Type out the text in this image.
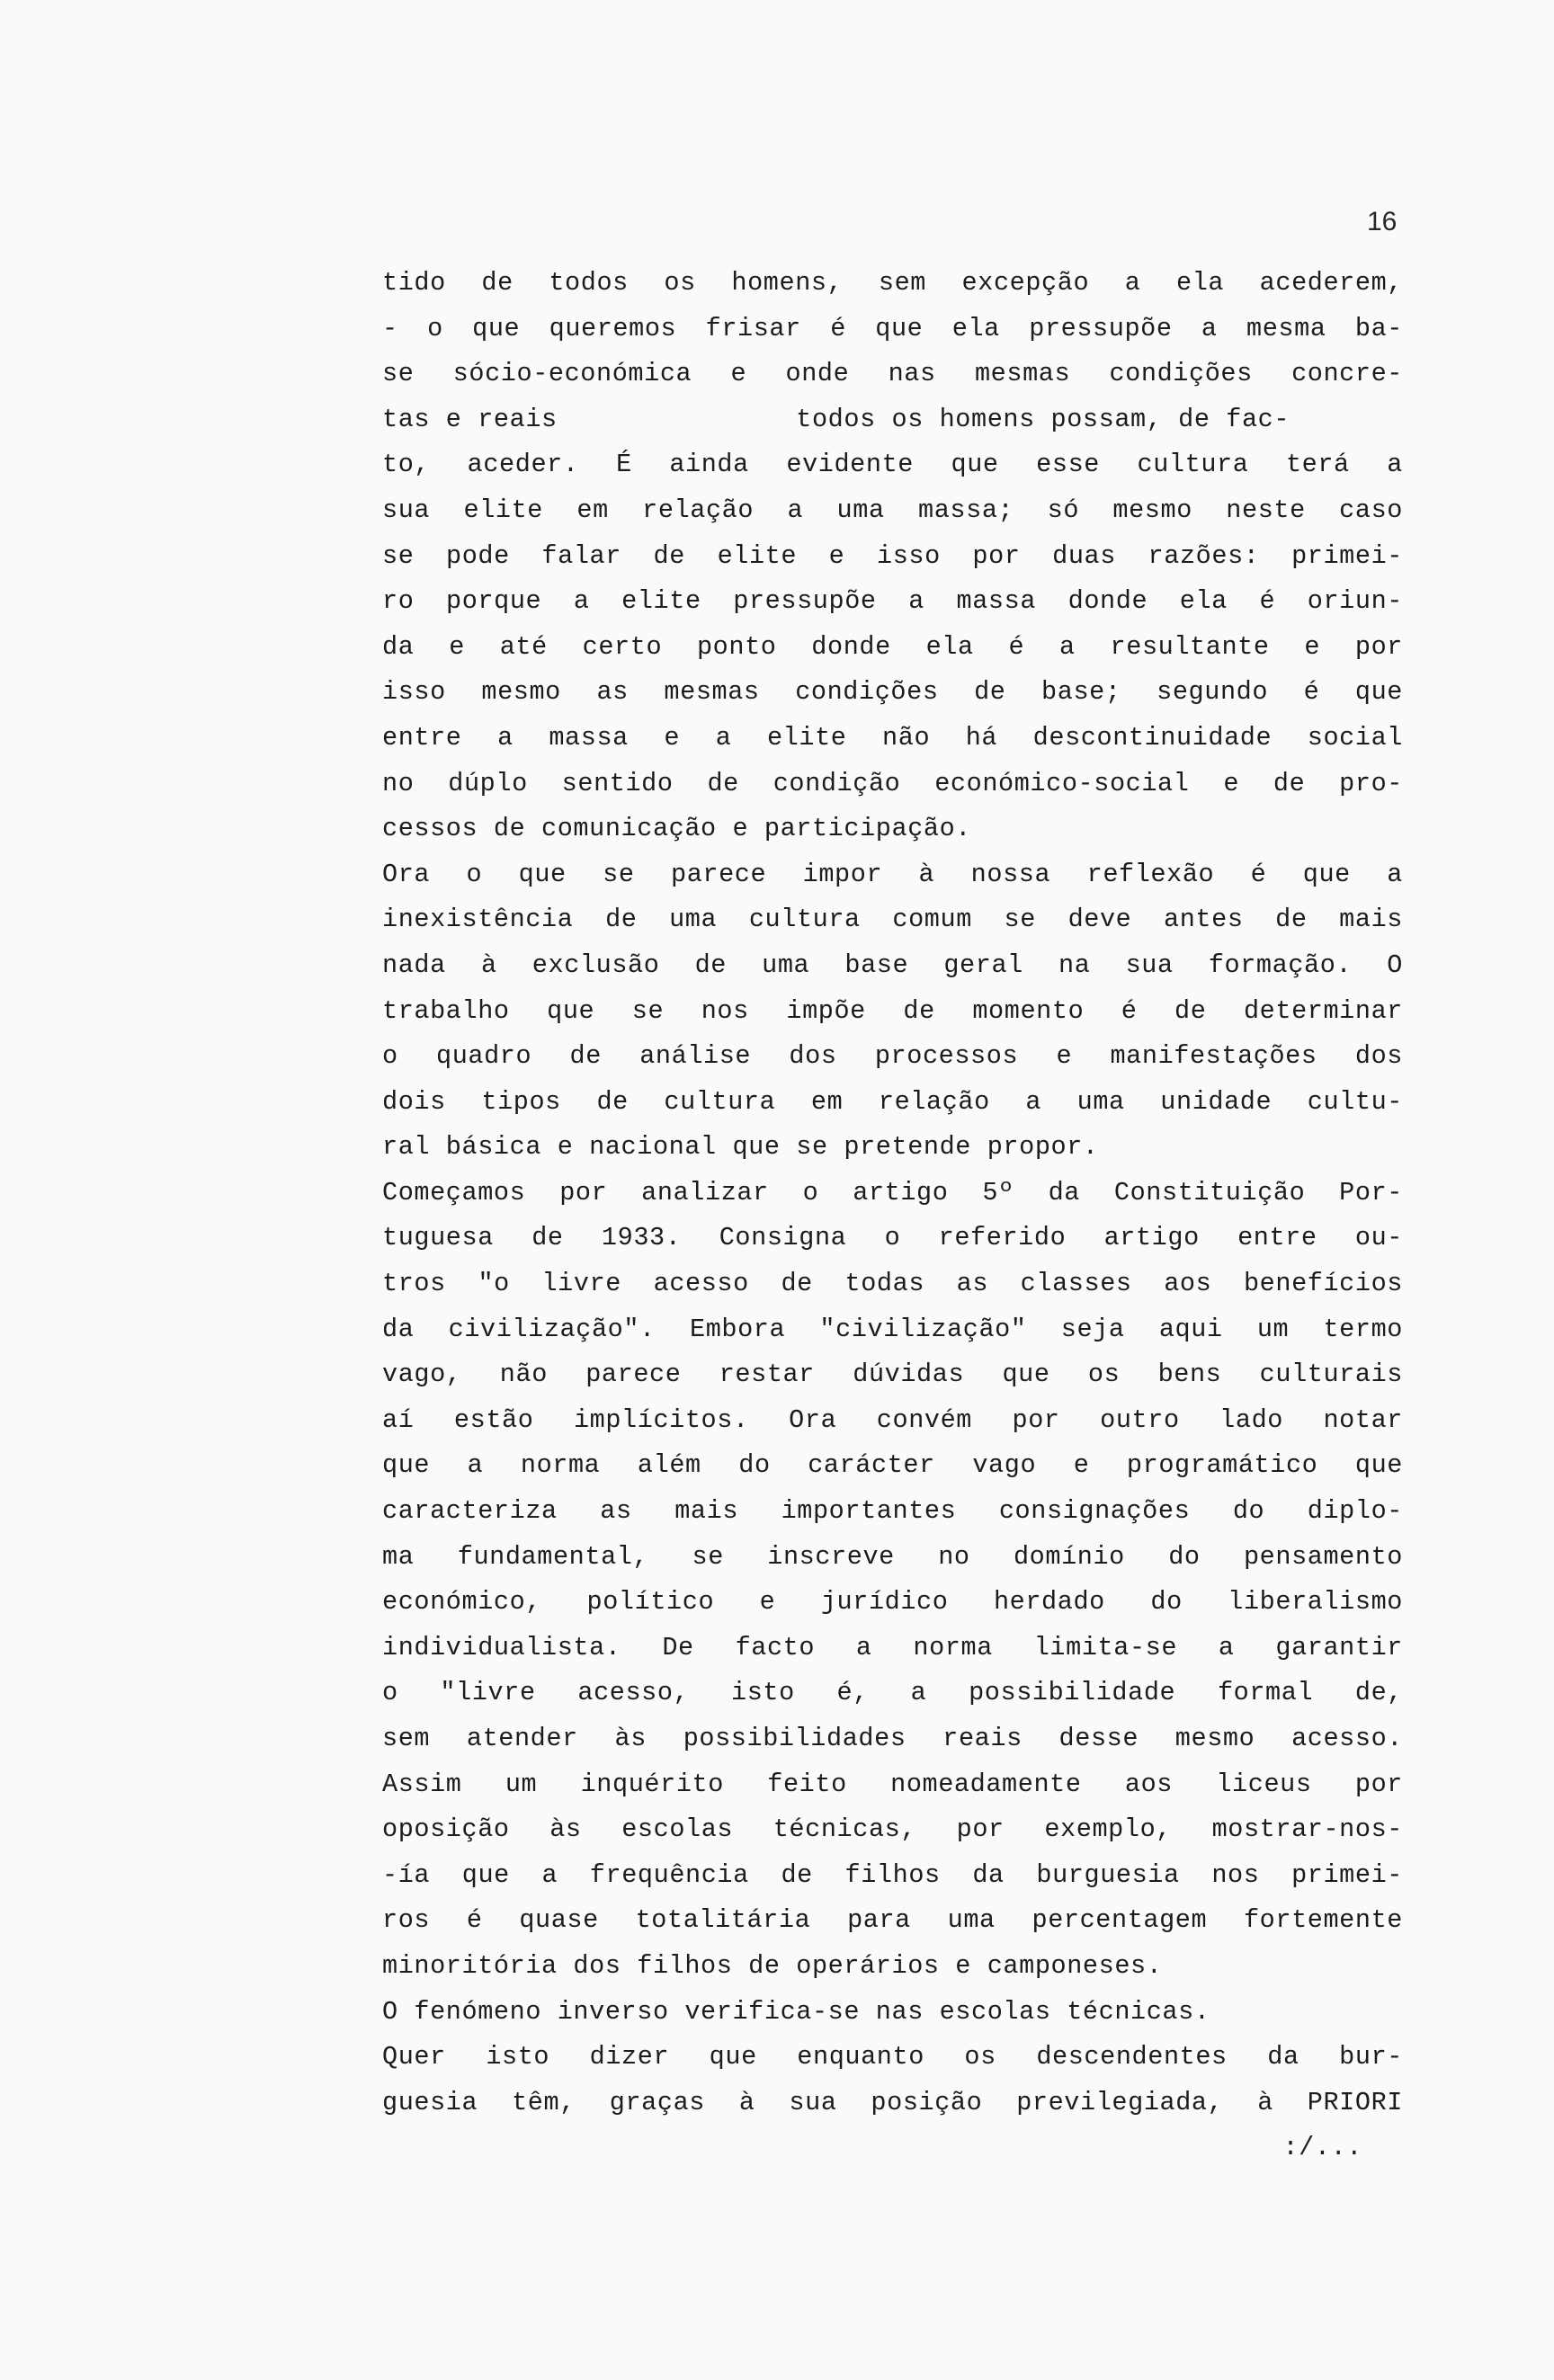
16
tido de todos os homens, sem excepção a ela acederem,
- o que queremos frisar é que ela pressupõe a mesma ba-
se sócio-económica e onde nas mesmas condições concre-
tas e reais               todos os homens possam, de fac-
to, aceder. É ainda evidente que esse cultura terá a
sua elite em relação a uma massa; só mesmo neste caso
se pode falar de elite e isso por duas razões: primei-
ro porque a elite pressupõe a massa donde ela é oriun-
da e até certo ponto donde ela é a resultante e por
isso mesmo as mesmas condições de base; segundo é que
entre a massa e a elite não há descontinuidade social
no dúplo sentido de condição económico-social e de pro-
cessos de comunicação e participação.
Ora o que se parece impor à nossa reflexão é que a
inexistência de uma cultura comum se deve antes de mais
nada à exclusão de uma base geral na sua formação. O
trabalho que se nos impõe de momento é de determinar
o quadro de análise dos processos e manifestações dos
dois tipos de cultura em relação a uma unidade cultu-
ral básica e nacional que se pretende propor.
Começamos por analizar o artigo 5º da Constituição Por-
tuguesa de 1933. Consigna o referido artigo entre ou-
tros "o livre acesso de todas as classes aos benefícios
da civilização". Embora "civilização" seja aqui um termo
vago, não parece restar dúvidas que os bens culturais
aí estão implícitos. Ora convém por outro lado notar
que a norma além do carácter vago e programático que
caracteriza as mais importantes consignações do diplo-
ma fundamental, se inscreve no domínio do pensamento
económico, político e jurídico herdado do liberalismo
individualista. De facto a norma limita-se a garantir
o "livre acesso, isto é, a possibilidade formal de,
sem atender às possibilidades reais desse mesmo acesso.
Assim um inquérito feito nomeadamente aos liceus por
oposição às escolas técnicas, por exemplo, mostrar-nos-
-ía que a frequência de filhos da burguesia nos primei-
ros é quase totalitária para uma percentagem fortemente
minoritória dos filhos de operários e camponeses.
O fenómeno inverso verifica-se nas escolas técnicas.
Quer isto dizer que enquanto os descendentes da bur-
guesia têm, graças à sua posição previlegiada, à PRIORI
:/...
